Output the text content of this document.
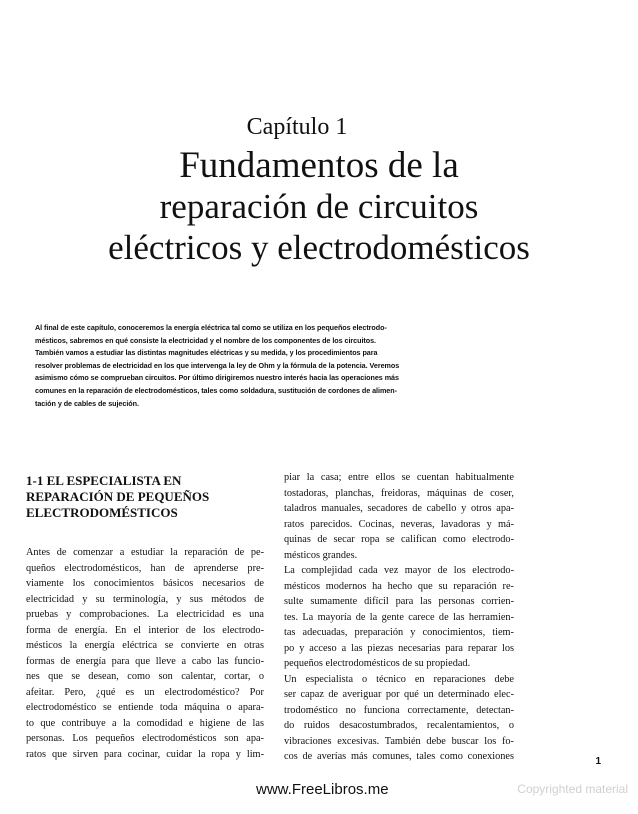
Capítulo 1
Fundamentos de la
reparación de circuitos
eléctricos y electrodomésticos
Al final de este capítulo, conoceremos la energía eléctrica tal como se utiliza en los pequeños electrodo-
mésticos, sabremos en qué consiste la electricidad y el nombre de los componentes de los circuitos.
También vamos a estudiar las distintas magnitudes eléctricas y su medida, y los procedimientos para
resolver problemas de electricidad en los que intervenga la ley de Ohm y la fórmula de la potencia. Veremos
asimismo cómo se comprueban circuitos. Por último dirigiremos nuestro interés hacia las operaciones más
comunes en la reparación de electrodomésticos, tales como soldadura, sustitución de cordones de alimen-
tación y de cables de sujeción.
1-1 EL ESPECIALISTA EN
REPARACIÓN DE PEQUEÑOS
ELECTRODOMÉSTICOS
Antes de comenzar a estudiar la reparación de pe-
queños electrodomésticos, han de aprenderse pre-
viamente los conocimientos básicos necesarios de
electricidad y su terminología, y sus métodos de
pruebas y comprobaciones. La electricidad es una
forma de energía. En el interior de los electrodo-
mésticos la energía eléctrica se convierte en otras
formas de energía para que lleve a cabo las funcio-
nes que se desean, como son calentar, cortar, o
afeitar. Pero, ¿qué es un electrodoméstico? Por
electrodoméstico se entiende toda máquina o apara-
to que contribuye a la comodidad e higiene de las
personas. Los pequeños electrodomésticos son apa-
ratos que sirven para cocinar, cuidar la ropa y lim-
piar la casa; entre ellos se cuentan habitualmente
tostadoras, planchas, freidoras, máquinas de coser,
taladros manuales, secadores de cabello y otros apa-
ratos parecidos. Cocinas, neveras, lavadoras y má-
quinas de secar ropa se califican como electrodo-
mésticos grandes.
La complejidad cada vez mayor de los electrodo-
mésticos modernos ha hecho que su reparación re-
sulte sumamente difícil para las personas corrien-
tes. La mayoría de la gente carece de las herramien-
tas adecuadas, preparación y conocimientos, tiem-
po y acceso a las piezas necesarias para reparar los
pequeños electrodomésticos de su propiedad.
Un especialista o técnico en reparaciones debe
ser capaz de averiguar por qué un determinado elec-
trodoméstico no funciona correctamente, detectan-
do ruidos desacostumbrados, recalentamientos, o
vibraciones excesivas. También debe buscar los fo-
cos de averías más comunes, tales como conexiones	1
www.FreeLibros.me	Copyrighted material
